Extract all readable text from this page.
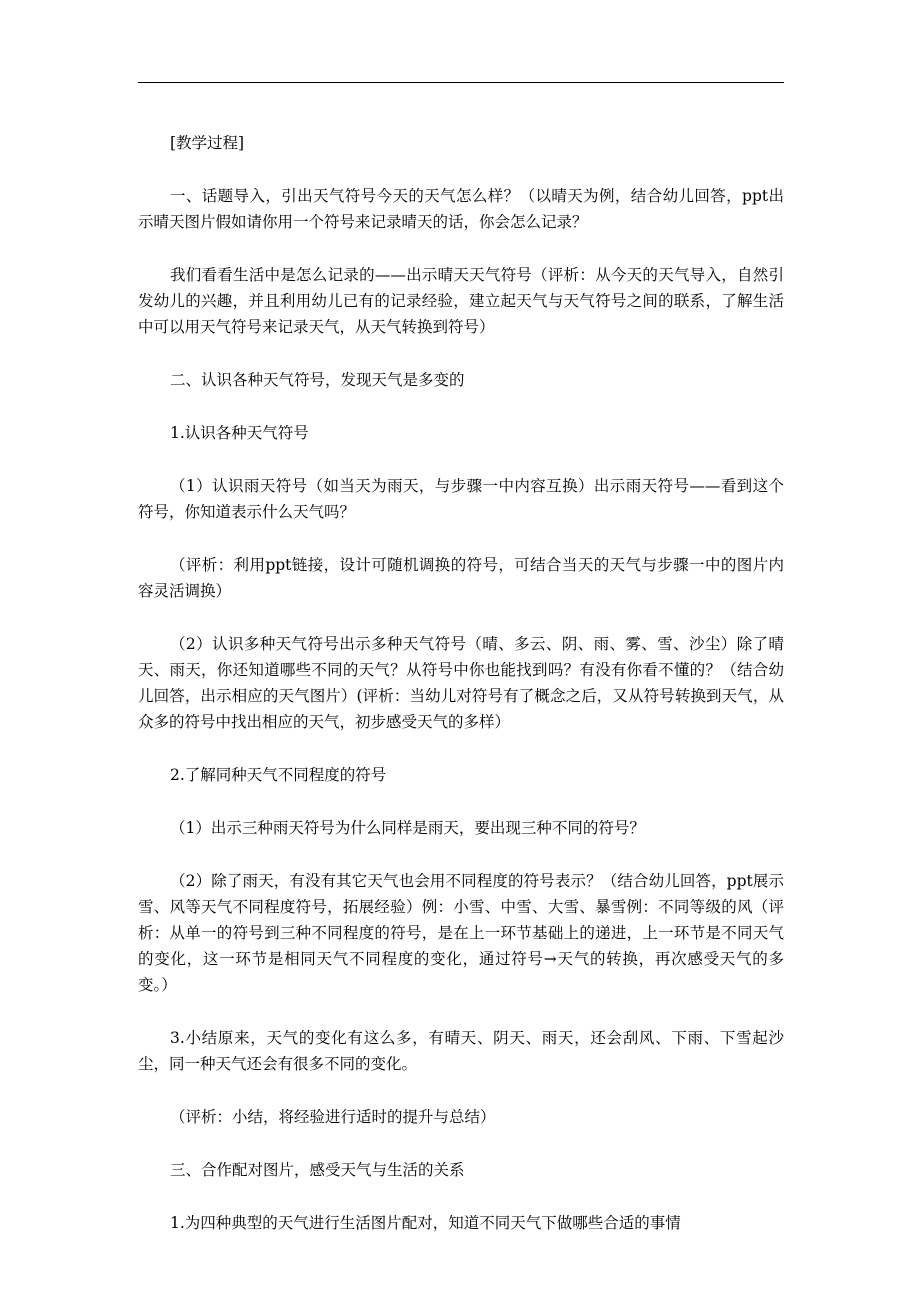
[教学过程]

一、话题导入，引出天气符号今天的天气怎么样？（以晴天为例，结合幼儿回答，ppt出示晴天图片假如请你用一个符号来记录晴天的话，你会怎么记录？

我们看看生活中是怎么记录的——出示晴天天气符号（评析：从今天的天气导入，自然引发幼儿的兴趣，并且利用幼儿已有的记录经验，建立起天气与天气符号之间的联系，了解生活中可以用天气符号来记录天气，从天气转换到符号）

二、认识各种天气符号，发现天气是多变的

1.认识各种天气符号

（1）认识雨天符号（如当天为雨天，与步骤一中内容互换）出示雨天符号——看到这个符号，你知道表示什么天气吗？

（评析：利用ppt链接，设计可随机调换的符号，可结合当天的天气与步骤一中的图片内容灵活调换）

（2）认识多种天气符号出示多种天气符号（晴、多云、阴、雨、雾、雪、沙尘）除了晴天、雨天，你还知道哪些不同的天气？从符号中你也能找到吗？有没有你看不懂的？（结合幼儿回答，出示相应的天气图片）(评析：当幼儿对符号有了概念之后，又从符号转换到天气，从众多的符号中找出相应的天气，初步感受天气的多样）

2.了解同种天气不同程度的符号

（1）出示三种雨天符号为什么同样是雨天，要出现三种不同的符号？

（2）除了雨天，有没有其它天气也会用不同程度的符号表示？（结合幼儿回答，ppt展示雪、风等天气不同程度符号，拓展经验）例：小雪、中雪、大雪、暴雪例：不同等级的风（评析：从单一的符号到三种不同程度的符号，是在上一环节基础上的递进，上一环节是不同天气的变化，这一环节是相同天气不同程度的变化，通过符号→天气的转换，再次感受天气的多变。）

3.小结原来，天气的变化有这么多，有晴天、阴天、雨天，还会刮风、下雨、下雪起沙尘，同一种天气还会有很多不同的变化。

（评析：小结，将经验进行适时的提升与总结）

三、合作配对图片，感受天气与生活的关系

1.为四种典型的天气进行生活图片配对，知道不同天气下做哪些合适的事情
